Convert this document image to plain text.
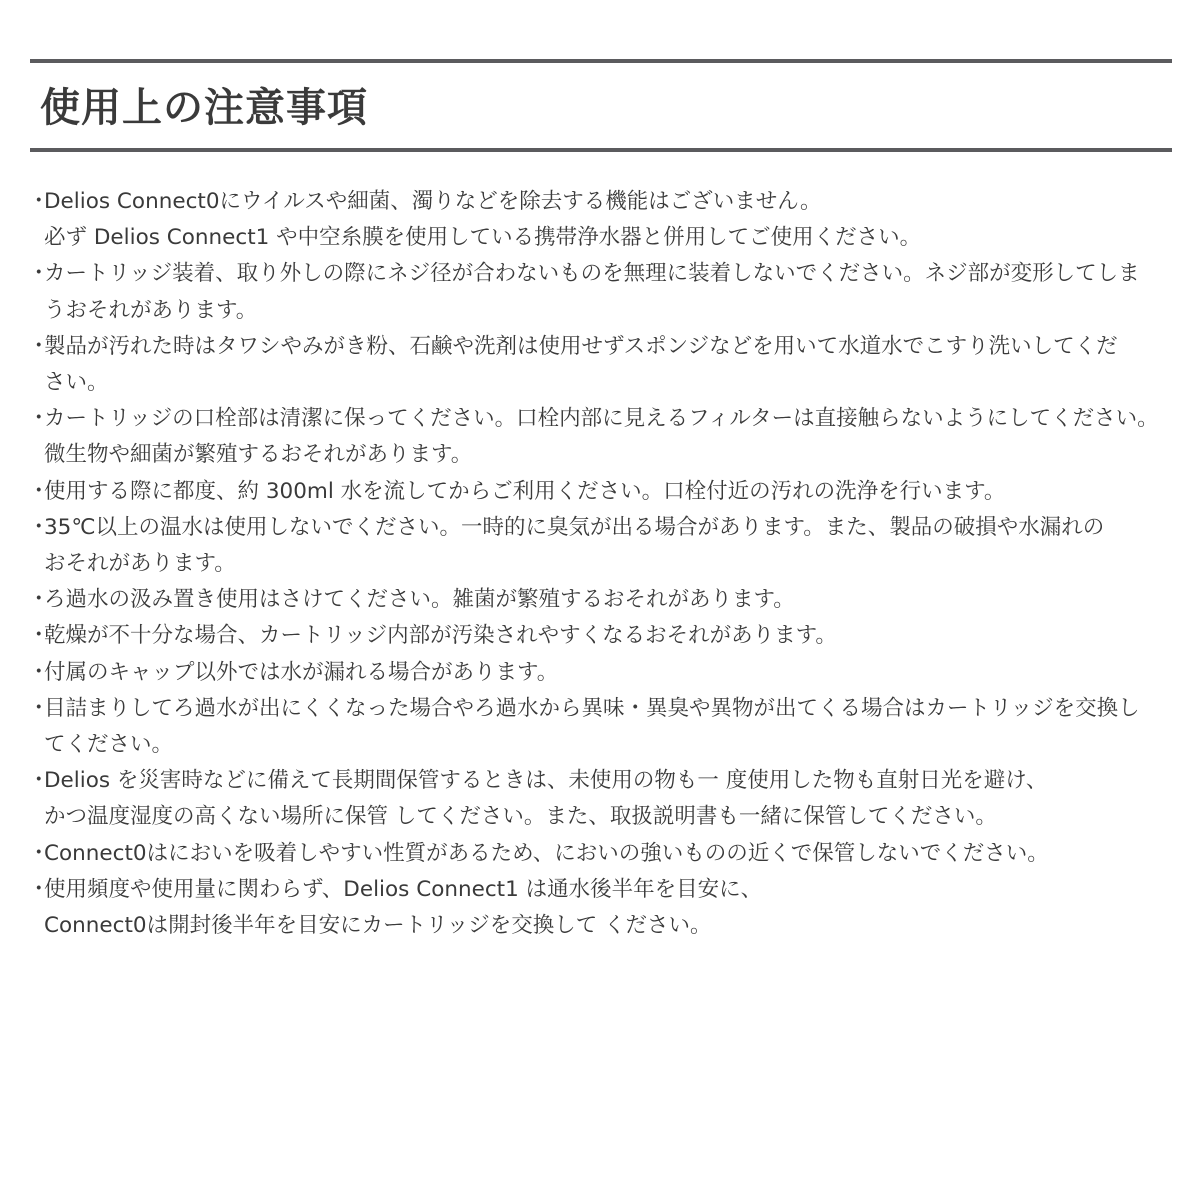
使用上の注意事項
・
Delios Connect0にウイルスや細菌、濁りなどを除去する機能はございません。
必ず Delios Connect1 や中空糸膜を使用している携帯浄水器と併用してご使用ください。
・
カートリッジ装着、取り外しの際にネジ径が合わないものを無理に装着しないでください。ネジ部が変形してしま
うおそれがあります。
・
製品が汚れた時はタワシやみがき粉、石鹸や洗剤は使用せずスポンジなどを用いて水道水でこすり洗いしてくだ
さい。
・
カートリッジの口栓部は清潔に保ってください。口栓内部に見えるフィルターは直接触らないようにしてください。
微生物や細菌が繁殖するおそれがあります。
・
使用する際に都度、約 300ml 水を流してからご利用ください。口栓付近の汚れの洗浄を行います。
・
35℃以上の温水は使用しないでください。一時的に臭気が出る場合があります。また、製品の破損や水漏れの
おそれがあります。
・
ろ過水の汲み置き使用はさけてください。雑菌が繁殖するおそれがあります。
・
乾燥が不十分な場合、カートリッジ内部が汚染されやすくなるおそれがあります。
・
付属のキャップ以外では水が漏れる場合があります。
・
目詰まりしてろ過水が出にくくなった場合やろ過水から異味・異臭や異物が出てくる場合はカートリッジを交換し
てください。
・
Delios を災害時などに備えて長期間保管するときは、未使用の物も一 度使用した物も直射日光を避け、
かつ温度湿度の高くない場所に保管 してください。また、取扱説明書も一緒に保管してください。
・
Connect0はにおいを吸着しやすい性質があるため、においの強いものの近くで保管しないでください。
・
使用頻度や使用量に関わらず、Delios Connect1 は通水後半年を目安に、
Connect0は開封後半年を目安にカートリッジを交換して ください。
